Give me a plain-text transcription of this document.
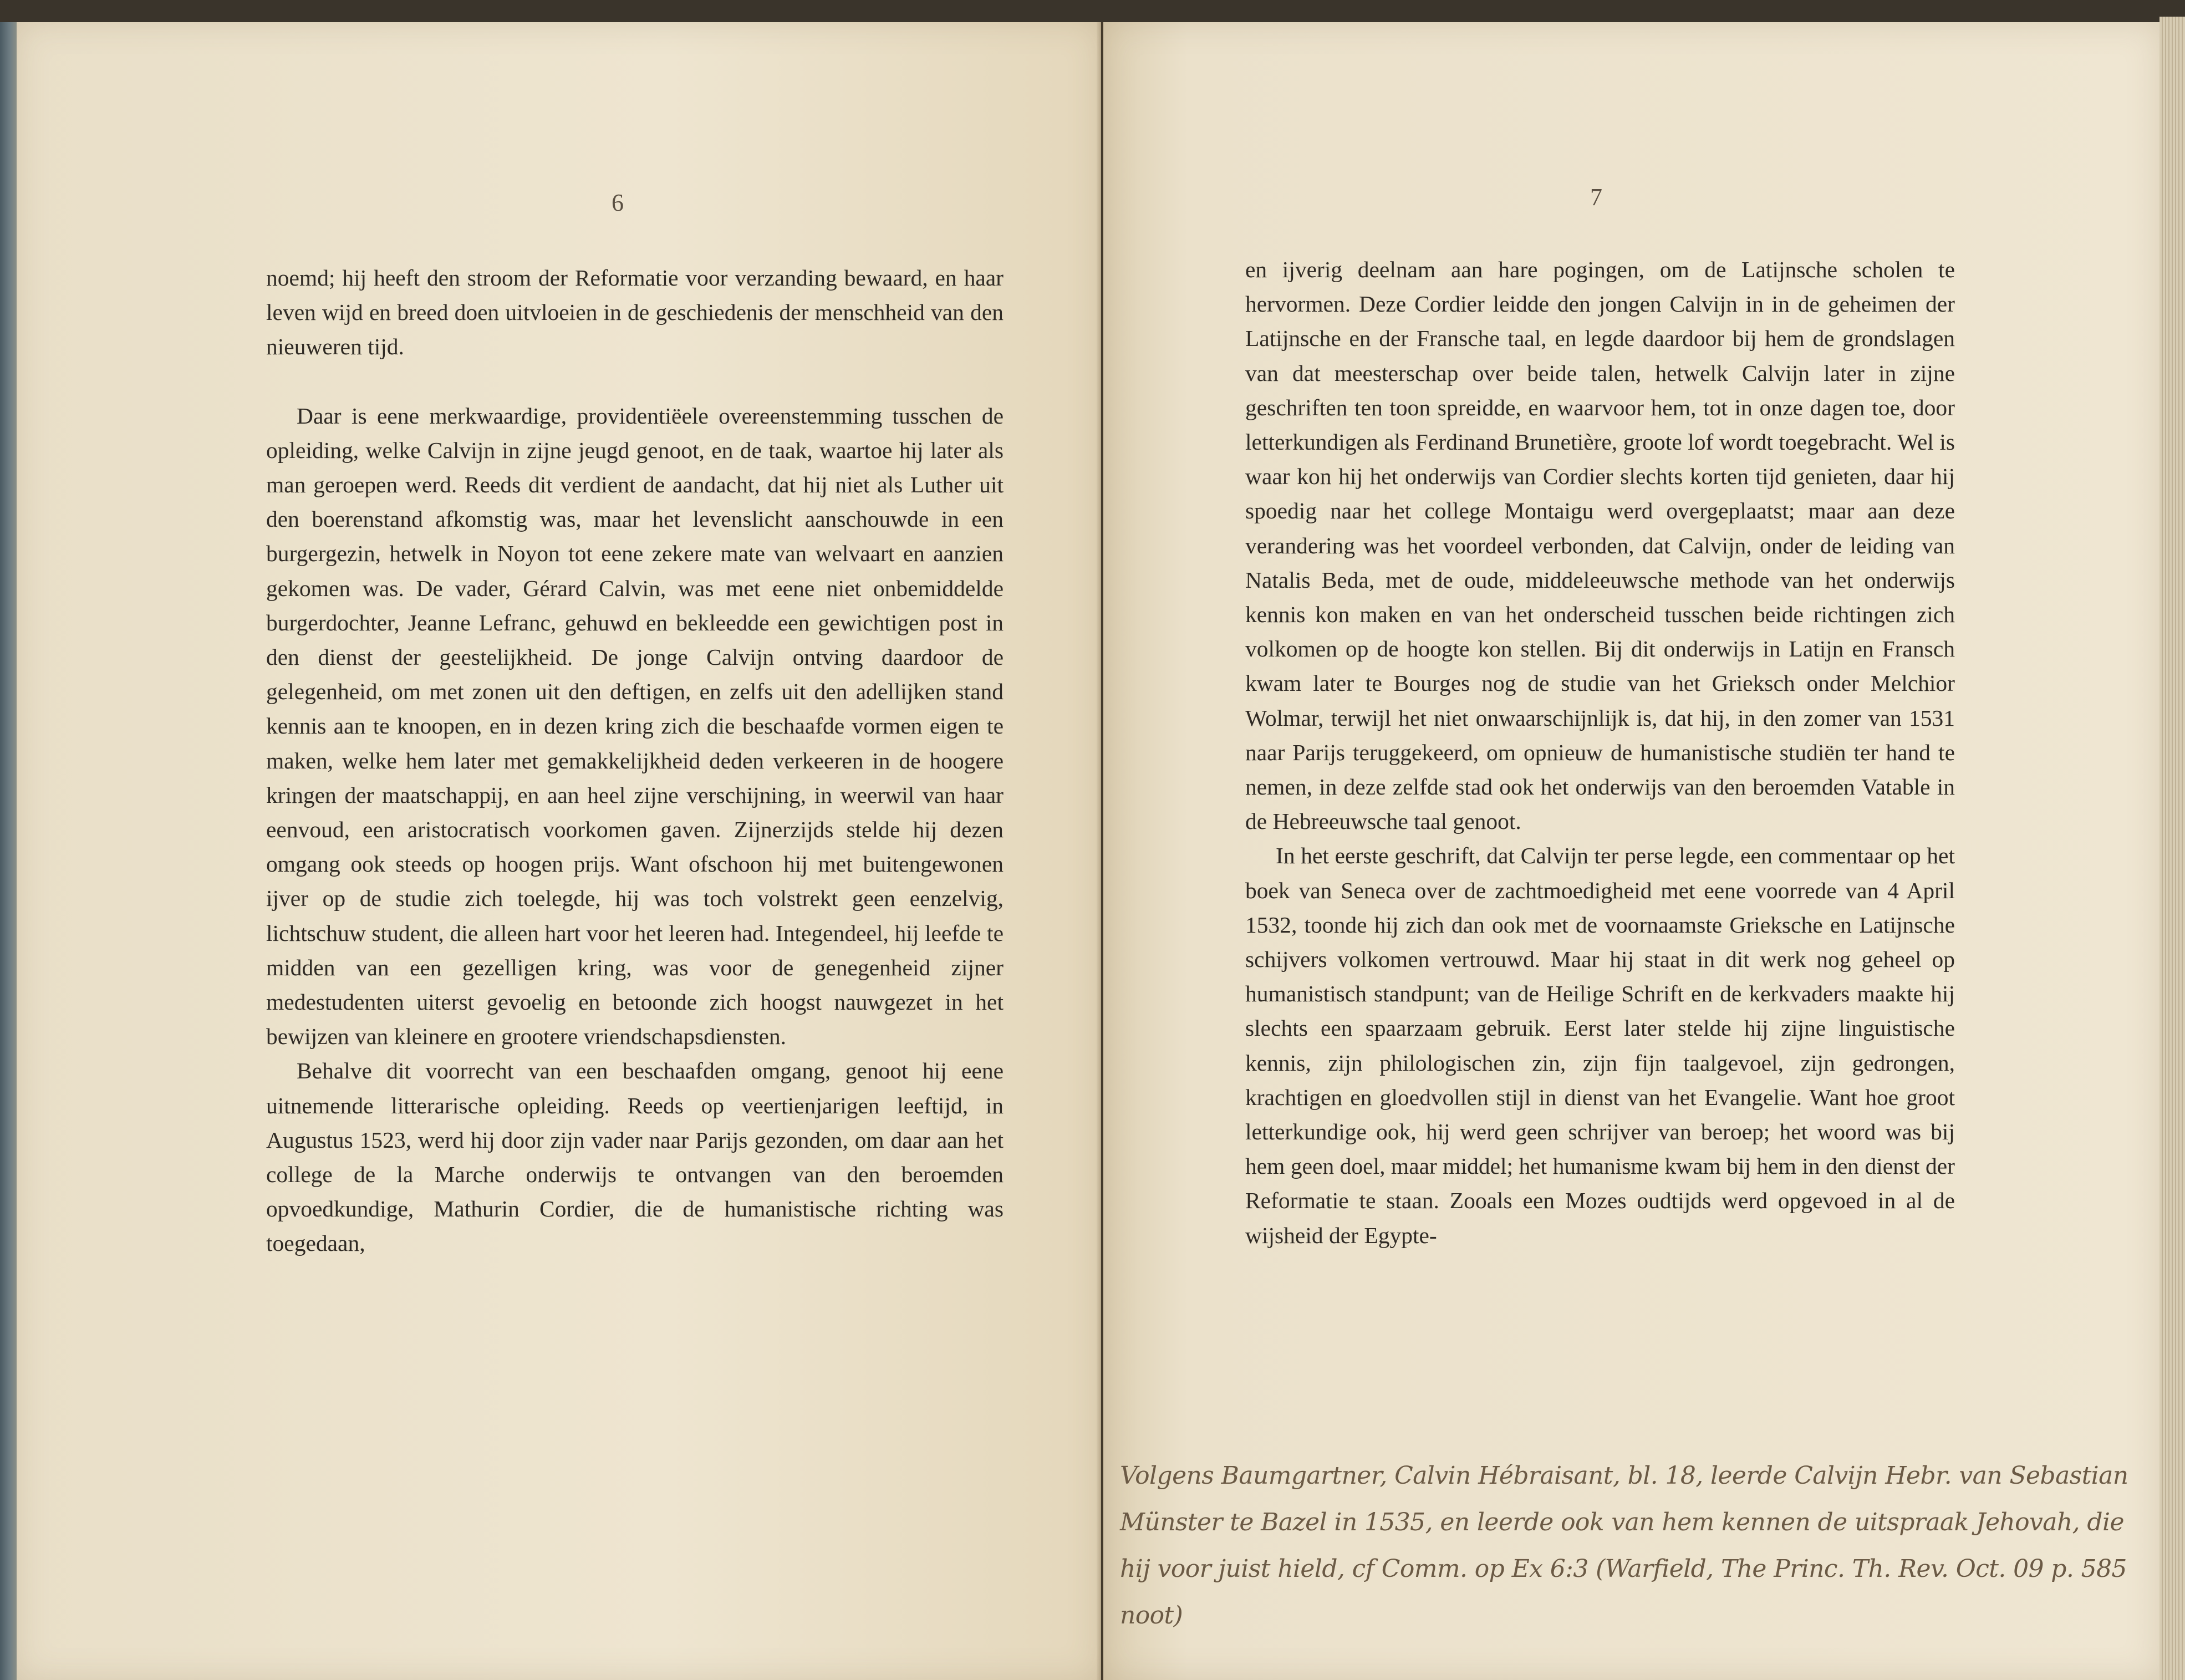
6

noemd; hij heeft den stroom der Reformatie voor verzanding bewaard, en haar leven wijd en breed doen uitvloeien in de geschiedenis der menschheid van den nieuweren tijd.

Daar is eene merkwaardige, providentiëele overeenstemming tusschen de opleiding, welke Calvijn in zijne jeugd genoot, en de taak, waartoe hij later als man geroepen werd. Reeds dit verdient de aandacht, dat hij niet als Luther uit den boerenstand afkomstig was, maar het levenslicht aanschouwde in een burgergezin, hetwelk in Noyon tot eene zekere mate van welvaart en aanzien gekomen was. De vader, Gérard Calvin, was met eene niet onbemiddelde burgerdochter, Jeanne Lefranc, gehuwd en bekleedde een gewichtigen post in den dienst der geestelijkheid. De jonge Calvijn ontving daardoor de gelegenheid, om met zonen uit den deftigen, en zelfs uit den adellijken stand kennis aan te knoopen, en in dezen kring zich die beschaafde vormen eigen te maken, welke hem later met gemakkelijkheid deden verkeeren in de hoogere kringen der maatschappij, en aan heel zijne verschijning, in weerwil van haar eenvoud, een aristocratisch voorkomen gaven. Zijnerzijds stelde hij dezen omgang ook steeds op hoogen prijs. Want ofschoon hij met buitengewonen ijver op de studie zich toelegde, hij was toch volstrekt geen eenzelvig, lichtschuw student, die alleen hart voor het leeren had. Integendeel, hij leefde te midden van een gezelligen kring, was voor de genegenheid zijner medestudenten uiterst gevoelig en betoonde zich hoogst nauwgezet in het bewijzen van kleinere en grootere vriendschapsdiensten.

Behalve dit voorrecht van een beschaafden omgang, genoot hij eene uitnemende litterarische opleiding. Reeds op veertienjarigen leeftijd, in Augustus 1523, werd hij door zijn vader naar Parijs gezonden, om daar aan het college de la Marche onderwijs te ontvangen van den beroemden opvoedkundige, Mathurin Cordier, die de humanistische richting was toegedaan,

7

en ijverig deelnam aan hare pogingen, om de Latijnsche scholen te hervormen. Deze Cordier leidde den jongen Calvijn in in de geheimen der Latijnsche en der Fransche taal, en legde daardoor bij hem de grondslagen van dat meesterschap over beide talen, hetwelk Calvijn later in zijne geschriften ten toon spreidde, en waarvoor hem, tot in onze dagen toe, door letterkundigen als Ferdinand Brunetière, groote lof wordt toegebracht. Wel is waar kon hij het onderwijs van Cordier slechts korten tijd genieten, daar hij spoedig naar het college Montaigu werd overgeplaatst; maar aan deze verandering was het voordeel verbonden, dat Calvijn, onder de leiding van Natalis Beda, met de oude, middeleeuwsche methode van het onderwijs kennis kon maken en van het onderscheid tusschen beide richtingen zich volkomen op de hoogte kon stellen. Bij dit onderwijs in Latijn en Fransch kwam later te Bourges nog de studie van het Grieksch onder Melchior Wolmar, terwijl het niet onwaarschijnlijk is, dat hij, in den zomer van 1531 naar Parijs teruggekeerd, om opnieuw de humanistische studiën ter hand te nemen, in deze zelfde stad ook het onderwijs van den beroemden Vatable in de Hebreeuwsche taal genoot.

In het eerste geschrift, dat Calvijn ter perse legde, een commentaar op het boek van Seneca over de zachtmoedigheid met eene voorrede van 4 April 1532, toonde hij zich dan ook met de voornaamste Grieksche en Latijnsche schijvers volkomen vertrouwd. Maar hij staat in dit werk nog geheel op humanistisch standpunt; van de Heilige Schrift en de kerkvaders maakte hij slechts een spaarzaam gebruik. Eerst later stelde hij zijne linguistische kennis, zijn philologischen zin, zijn fijn taalgevoel, zijn gedrongen, krachtigen en gloedvollen stijl in dienst van het Evangelie. Want hoe groot letterkundige ook, hij werd geen schrijver van beroep; het woord was bij hem geen doel, maar middel; het humanisme kwam bij hem in den dienst der Reformatie te staan. Zooals een Mozes oudtijds werd opgevoed in al de wijsheid der Egypte-

Volgens Baumgartner, Calvin Hébraisant, bl. 18, leerde Calvijn Hebr. van Sebastian Münster te Bazel in 1535, en leerde ook van hem kennen de uitspraak Jehovah, die hij voor juist hield, cf Comm. op Ex 6:3 (Warfield, The Princ. Th. Rev. Oct. 09 p. 585 noot)
